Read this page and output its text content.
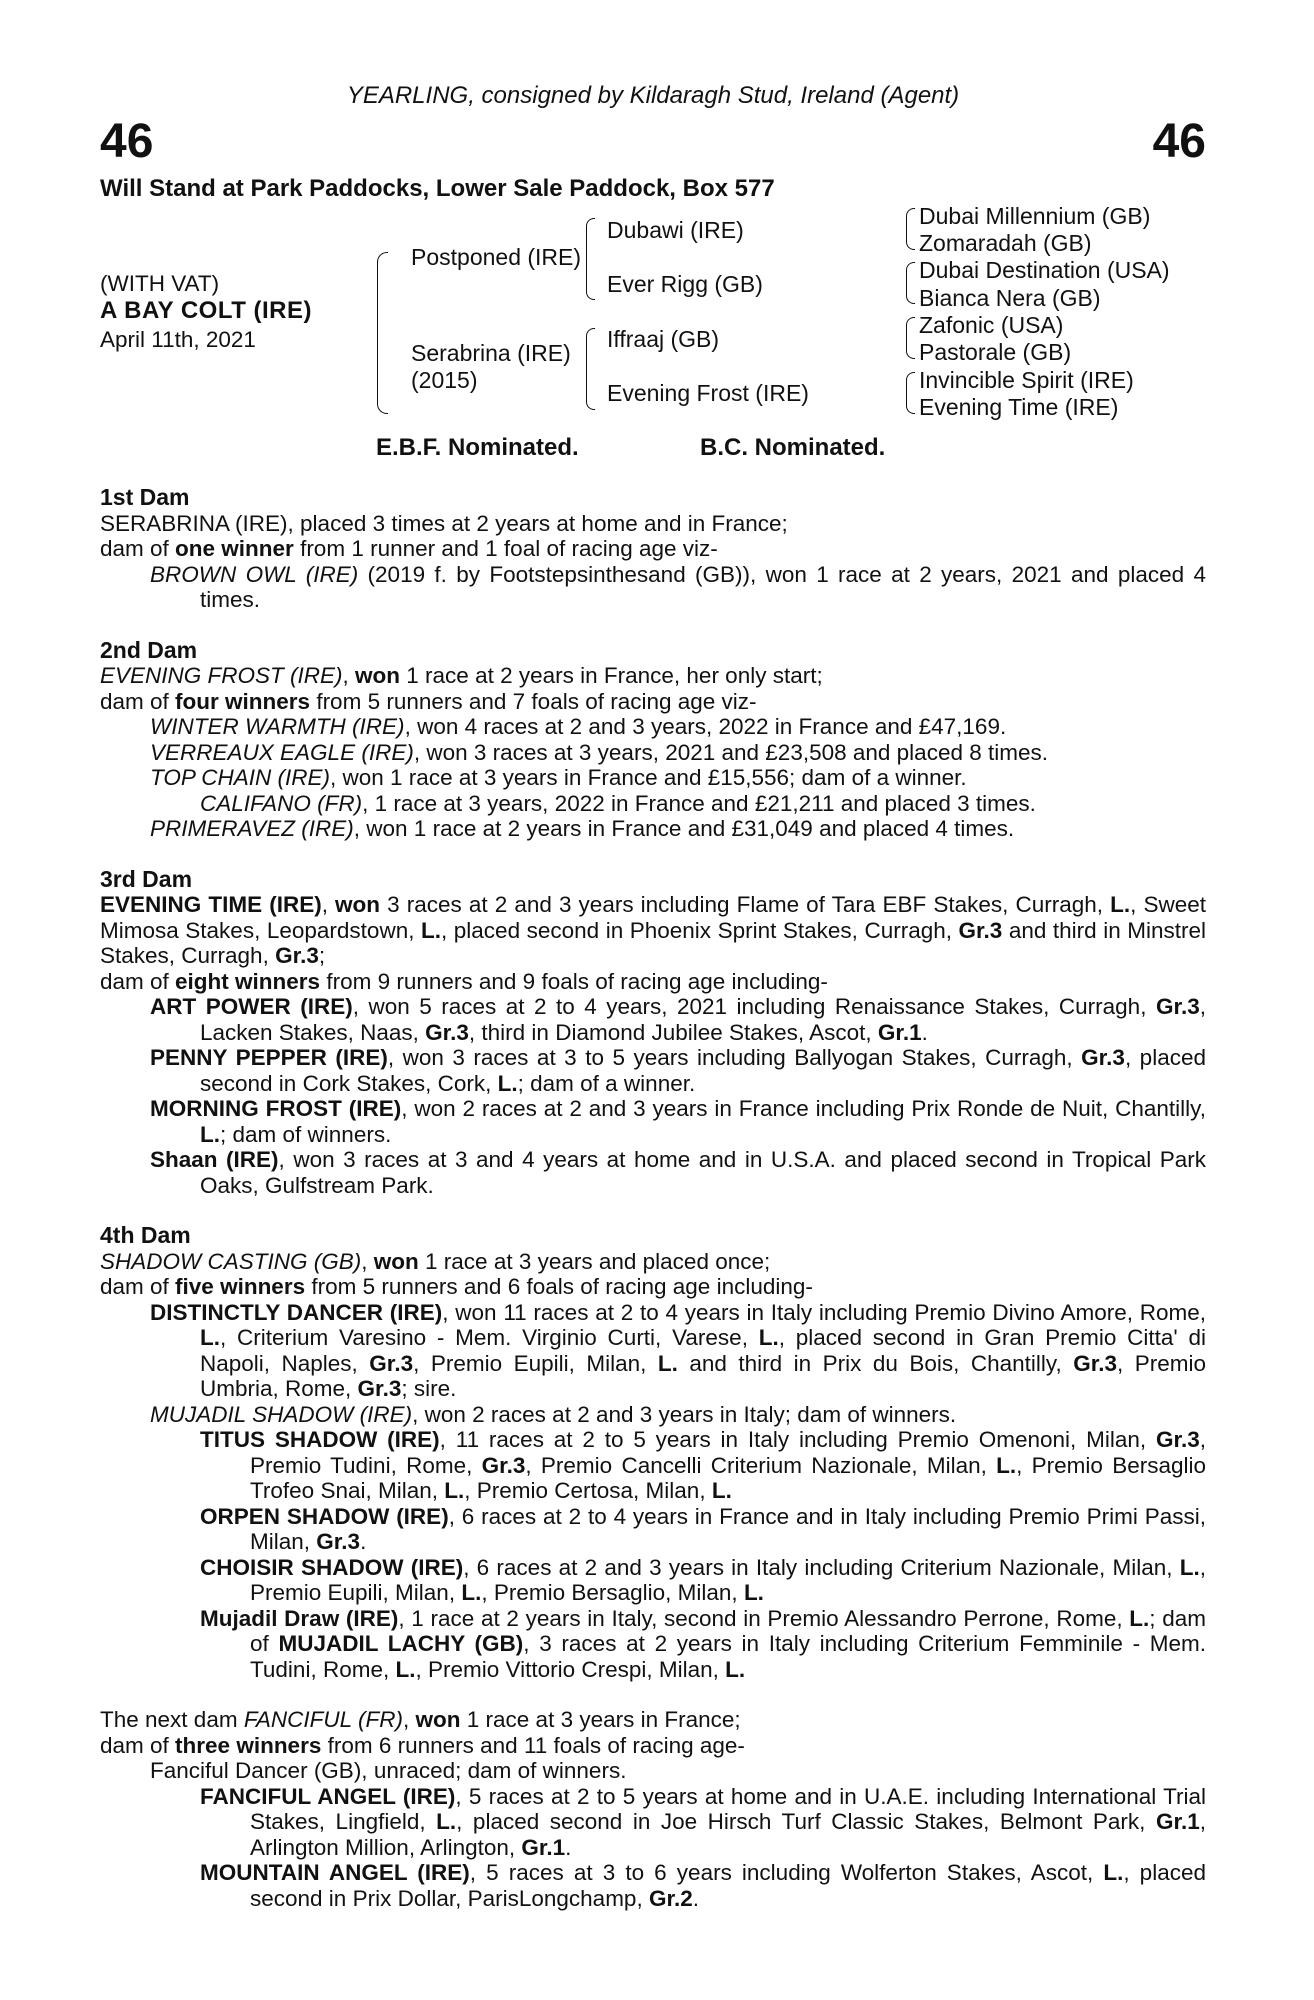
YEARLING, consigned by Kildaragh Stud, Ireland (Agent)
46	46
Will Stand at Park Paddocks, Lower Sale Paddock, Box 577
(WITH VAT)
A BAY COLT (IRE)
April 11th, 2021
Postponed (IRE)
Serabrina (IRE)
(2015)
Dubawi (IRE)
Ever Rigg (GB)
Iffraaj (GB)
Evening Frost (IRE)
Dubai Millennium (GB)
Zomaradah (GB)
Dubai Destination (USA)
Bianca Nera (GB)
Zafonic (USA)
Pastorale (GB)
Invincible Spirit (IRE)
Evening Time (IRE)
E.B.F. Nominated.	B.C. Nominated.
1st Dam
SERABRINA (IRE), placed 3 times at 2 years at home and in France;
dam of one winner from 1 runner and 1 foal of racing age viz-
BROWN OWL (IRE) (2019 f. by Footstepsinthesand (GB)), won 1 race at 2 years, 2021 and placed 4 times.
2nd Dam
EVENING FROST (IRE), won 1 race at 2 years in France, her only start;
dam of four winners from 5 runners and 7 foals of racing age viz-
WINTER WARMTH (IRE), won 4 races at 2 and 3 years, 2022 in France and £47,169.
VERREAUX EAGLE (IRE), won 3 races at 3 years, 2021 and £23,508 and placed 8 times.
TOP CHAIN (IRE), won 1 race at 3 years in France and £15,556; dam of a winner.
CALIFANO (FR), 1 race at 3 years, 2022 in France and £21,211 and placed 3 times.
PRIMERAVEZ (IRE), won 1 race at 2 years in France and £31,049 and placed 4 times.
3rd Dam
EVENING TIME (IRE), won 3 races at 2 and 3 years including Flame of Tara EBF Stakes, Curragh, L., Sweet Mimosa Stakes, Leopardstown, L., placed second in Phoenix Sprint Stakes, Curragh, Gr.3 and third in Minstrel Stakes, Curragh, Gr.3;
dam of eight winners from 9 runners and 9 foals of racing age including-
ART POWER (IRE), won 5 races at 2 to 4 years, 2021 including Renaissance Stakes, Curragh, Gr.3, Lacken Stakes, Naas, Gr.3, third in Diamond Jubilee Stakes, Ascot, Gr.1.
PENNY PEPPER (IRE), won 3 races at 3 to 5 years including Ballyogan Stakes, Curragh, Gr.3, placed second in Cork Stakes, Cork, L.; dam of a winner.
MORNING FROST (IRE), won 2 races at 2 and 3 years in France including Prix Ronde de Nuit, Chantilly, L.; dam of winners.
Shaan (IRE), won 3 races at 3 and 4 years at home and in U.S.A. and placed second in Tropical Park Oaks, Gulfstream Park.
4th Dam
SHADOW CASTING (GB), won 1 race at 3 years and placed once;
dam of five winners from 5 runners and 6 foals of racing age including-
DISTINCTLY DANCER (IRE), won 11 races at 2 to 4 years in Italy including Premio Divino Amore, Rome, L., Criterium Varesino - Mem. Virginio Curti, Varese, L., placed second in Gran Premio Citta' di Napoli, Naples, Gr.3, Premio Eupili, Milan, L. and third in Prix du Bois, Chantilly, Gr.3, Premio Umbria, Rome, Gr.3; sire.
MUJADIL SHADOW (IRE), won 2 races at 2 and 3 years in Italy; dam of winners.
TITUS SHADOW (IRE), 11 races at 2 to 5 years in Italy including Premio Omenoni, Milan, Gr.3, Premio Tudini, Rome, Gr.3, Premio Cancelli Criterium Nazionale, Milan, L., Premio Bersaglio Trofeo Snai, Milan, L., Premio Certosa, Milan, L.
ORPEN SHADOW (IRE), 6 races at 2 to 4 years in France and in Italy including Premio Primi Passi, Milan, Gr.3.
CHOISIR SHADOW (IRE), 6 races at 2 and 3 years in Italy including Criterium Nazionale, Milan, L., Premio Eupili, Milan, L., Premio Bersaglio, Milan, L.
Mujadil Draw (IRE), 1 race at 2 years in Italy, second in Premio Alessandro Perrone, Rome, L.; dam of MUJADIL LACHY (GB), 3 races at 2 years in Italy including Criterium Femminile - Mem. Tudini, Rome, L., Premio Vittorio Crespi, Milan, L.
The next dam FANCIFUL (FR), won 1 race at 3 years in France;
dam of three winners from 6 runners and 11 foals of racing age-
Fanciful Dancer (GB), unraced; dam of winners.
FANCIFUL ANGEL (IRE), 5 races at 2 to 5 years at home and in U.A.E. including International Trial Stakes, Lingfield, L., placed second in Joe Hirsch Turf Classic Stakes, Belmont Park, Gr.1, Arlington Million, Arlington, Gr.1.
MOUNTAIN ANGEL (IRE), 5 races at 3 to 6 years including Wolferton Stakes, Ascot, L., placed second in Prix Dollar, ParisLongchamp, Gr.2.
